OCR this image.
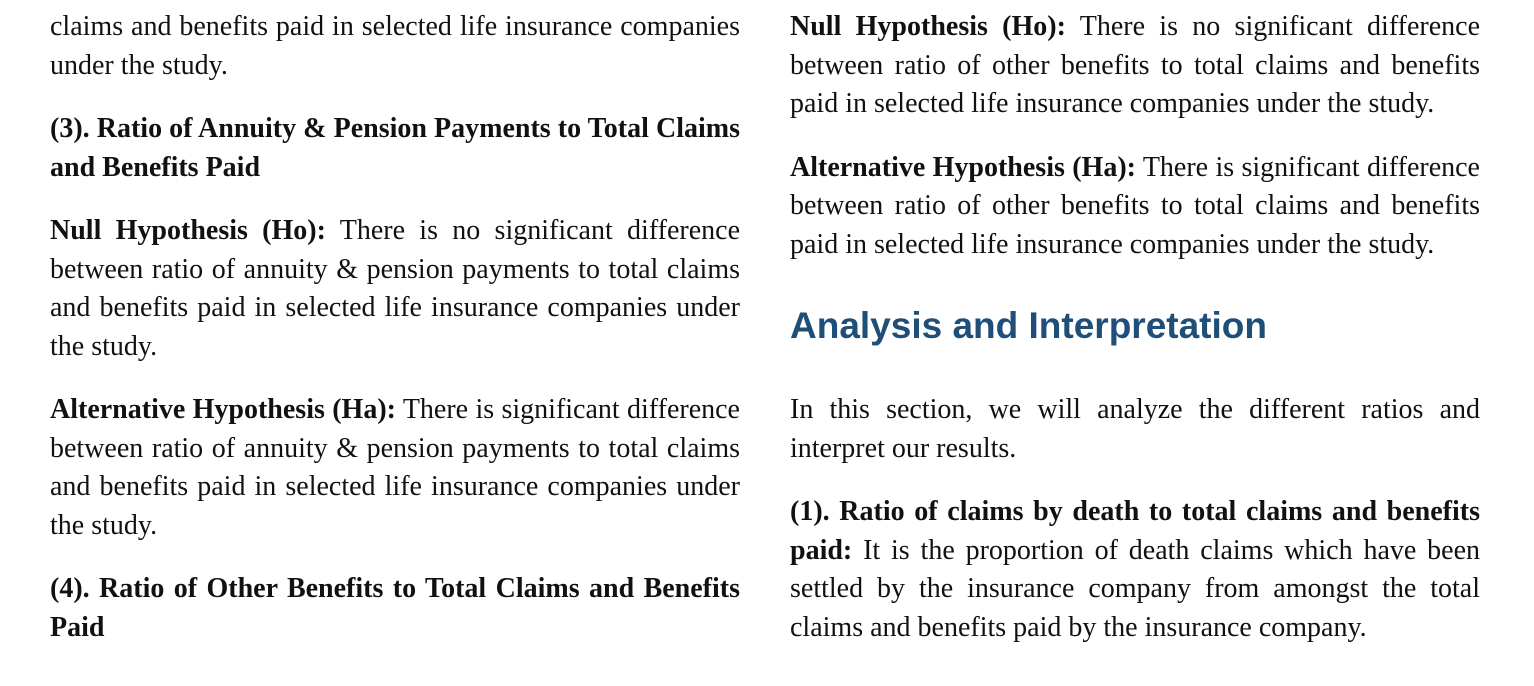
claims and benefits paid in selected life insurance companies under the study.

(3). Ratio of Annuity & Pension Payments to Total Claims and Benefits Paid

Null Hypothesis (Ho): There is no significant difference between ratio of annuity & pension payments to total claims and benefits paid in selected life insurance companies under the study.

Alternative Hypothesis (Ha): There is significant difference between ratio of annuity & pension payments to total claims and benefits paid in selected life insurance companies under the study.

(4). Ratio of Other Benefits to Total Claims and Benefits Paid

Null Hypothesis (Ho): There is no significant difference between ratio of other benefits to total claims and benefits paid in selected life insurance companies under the study.

Alternative Hypothesis (Ha): There is significant difference between ratio of other benefits to total claims and benefits paid in selected life insurance companies under the study.

Analysis and Interpretation

In this section, we will analyze the different ratios and interpret our results.

(1). Ratio of claims by death to total claims and benefits paid: It is the proportion of death claims which have been settled by the insurance company from amongst the total claims and benefits paid by the insurance company.
